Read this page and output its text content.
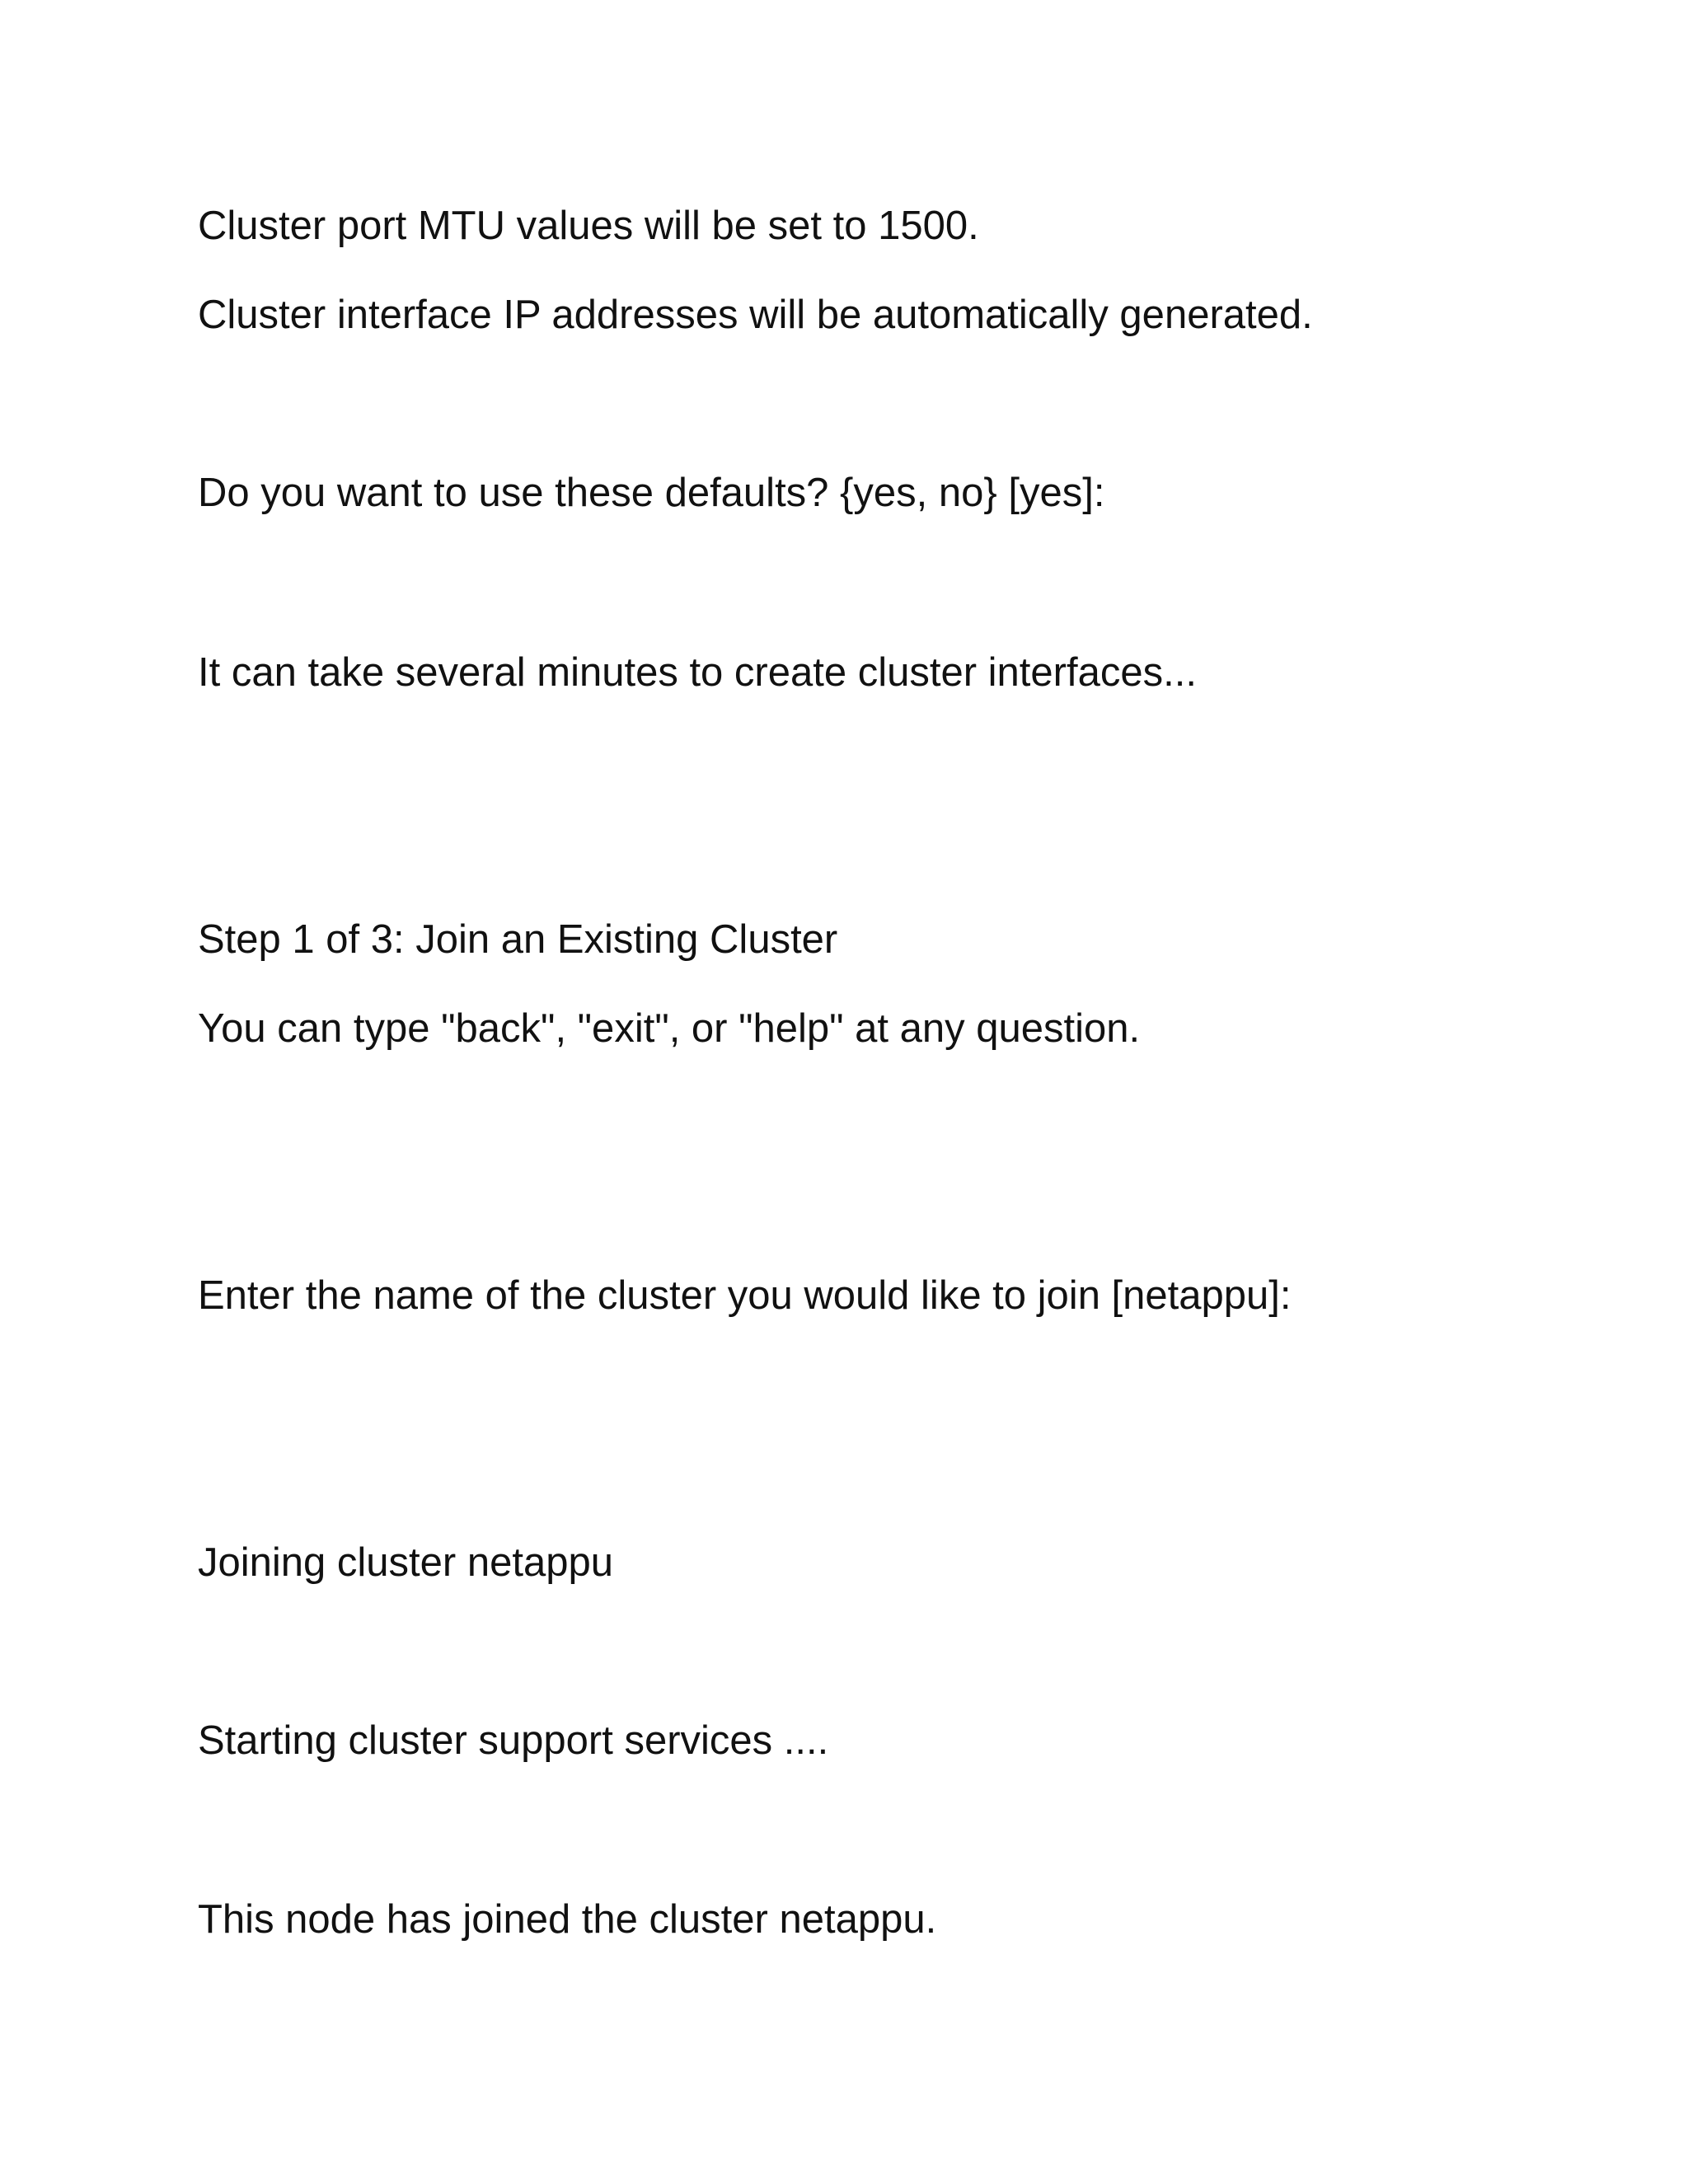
Cluster port MTU values will be set to 1500.
Cluster interface IP addresses will be automatically generated.
Do you want to use these defaults? {yes, no} [yes]:
It can take several minutes to create cluster interfaces...
Step 1 of 3: Join an Existing Cluster
You can type "back", "exit", or "help" at any question.
Enter the name of the cluster you would like to join [netappu]:
Joining cluster netappu
Starting cluster support services ....
This node has joined the cluster netappu.
